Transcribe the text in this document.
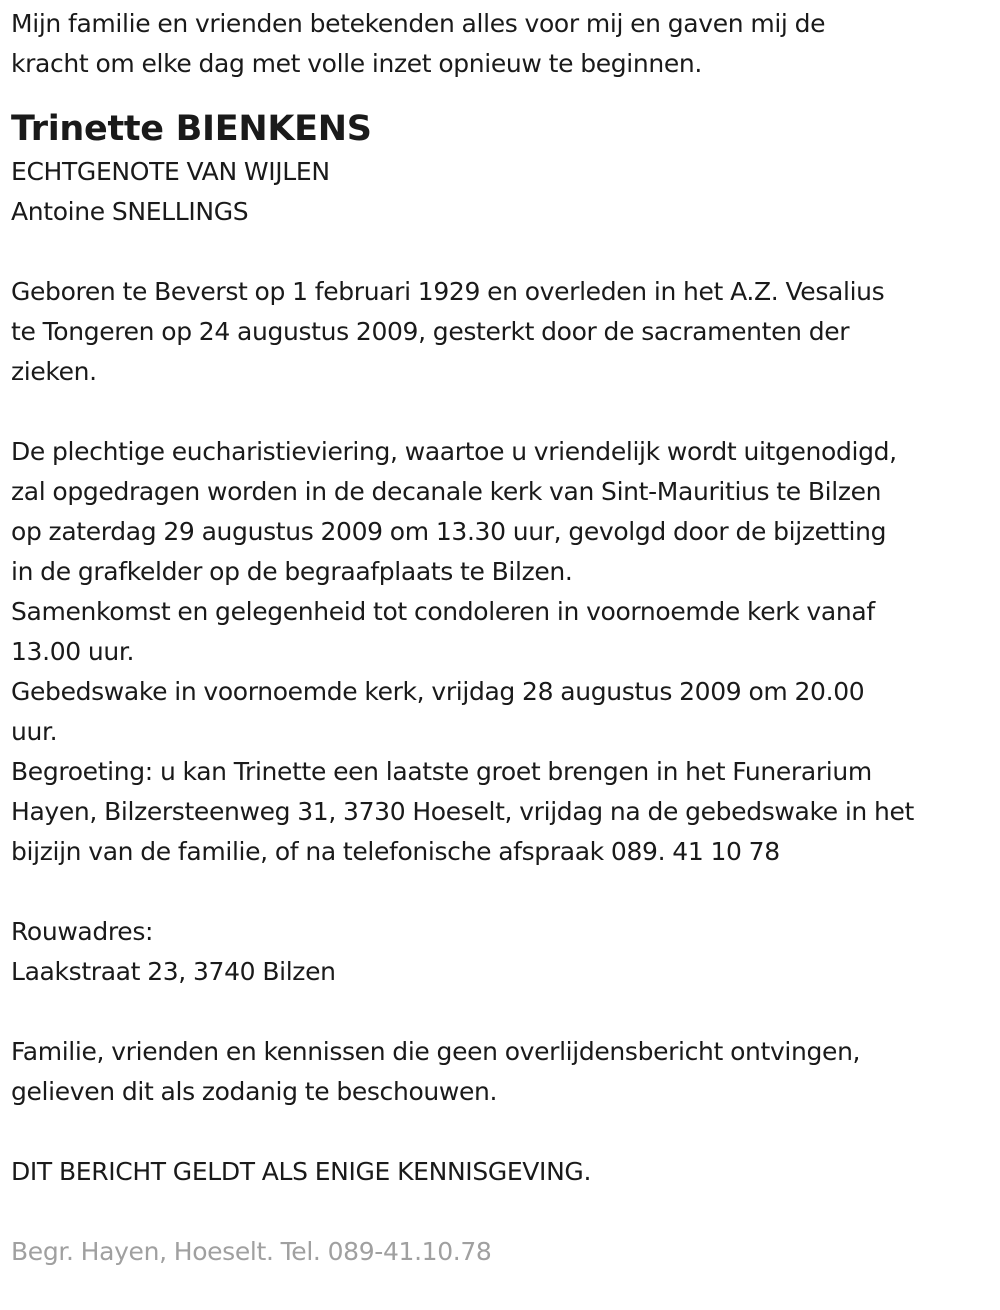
Mijn familie en vrienden betekenden alles voor mij en gaven mij de
kracht om elke dag met volle inzet opnieuw te beginnen.
Trinette BIENKENS
ECHTGENOTE VAN WIJLEN
Antoine SNELLINGS
Geboren te Beverst op 1 februari 1929 en overleden in het A.Z. Vesalius
te Tongeren op 24 augustus 2009, gesterkt door de sacramenten der
zieken.
De plechtige eucharistieviering, waartoe u vriendelijk wordt uitgenodigd,
zal opgedragen worden in de decanale kerk van Sint-Mauritius te Bilzen
op zaterdag 29 augustus 2009 om 13.30 uur, gevolgd door de bijzetting
in de grafkelder op de begraafplaats te Bilzen.
Samenkomst en gelegenheid tot condoleren in voornoemde kerk vanaf
13.00 uur.
Gebedswake in voornoemde kerk, vrijdag 28 augustus 2009 om 20.00
uur.
Begroeting: u kan Trinette een laatste groet brengen in het Funerarium
Hayen, Bilzersteenweg 31, 3730 Hoeselt, vrijdag na de gebedswake in het
bijzijn van de familie, of na telefonische afspraak 089. 41 10 78
Rouwadres:
Laakstraat 23, 3740 Bilzen
Familie, vrienden en kennissen die geen overlijdensbericht ontvingen,
gelieven dit als zodanig te beschouwen.
DIT BERICHT GELDT ALS ENIGE KENNISGEVING.
Begr. Hayen, Hoeselt. Tel. 089-41.10.78
